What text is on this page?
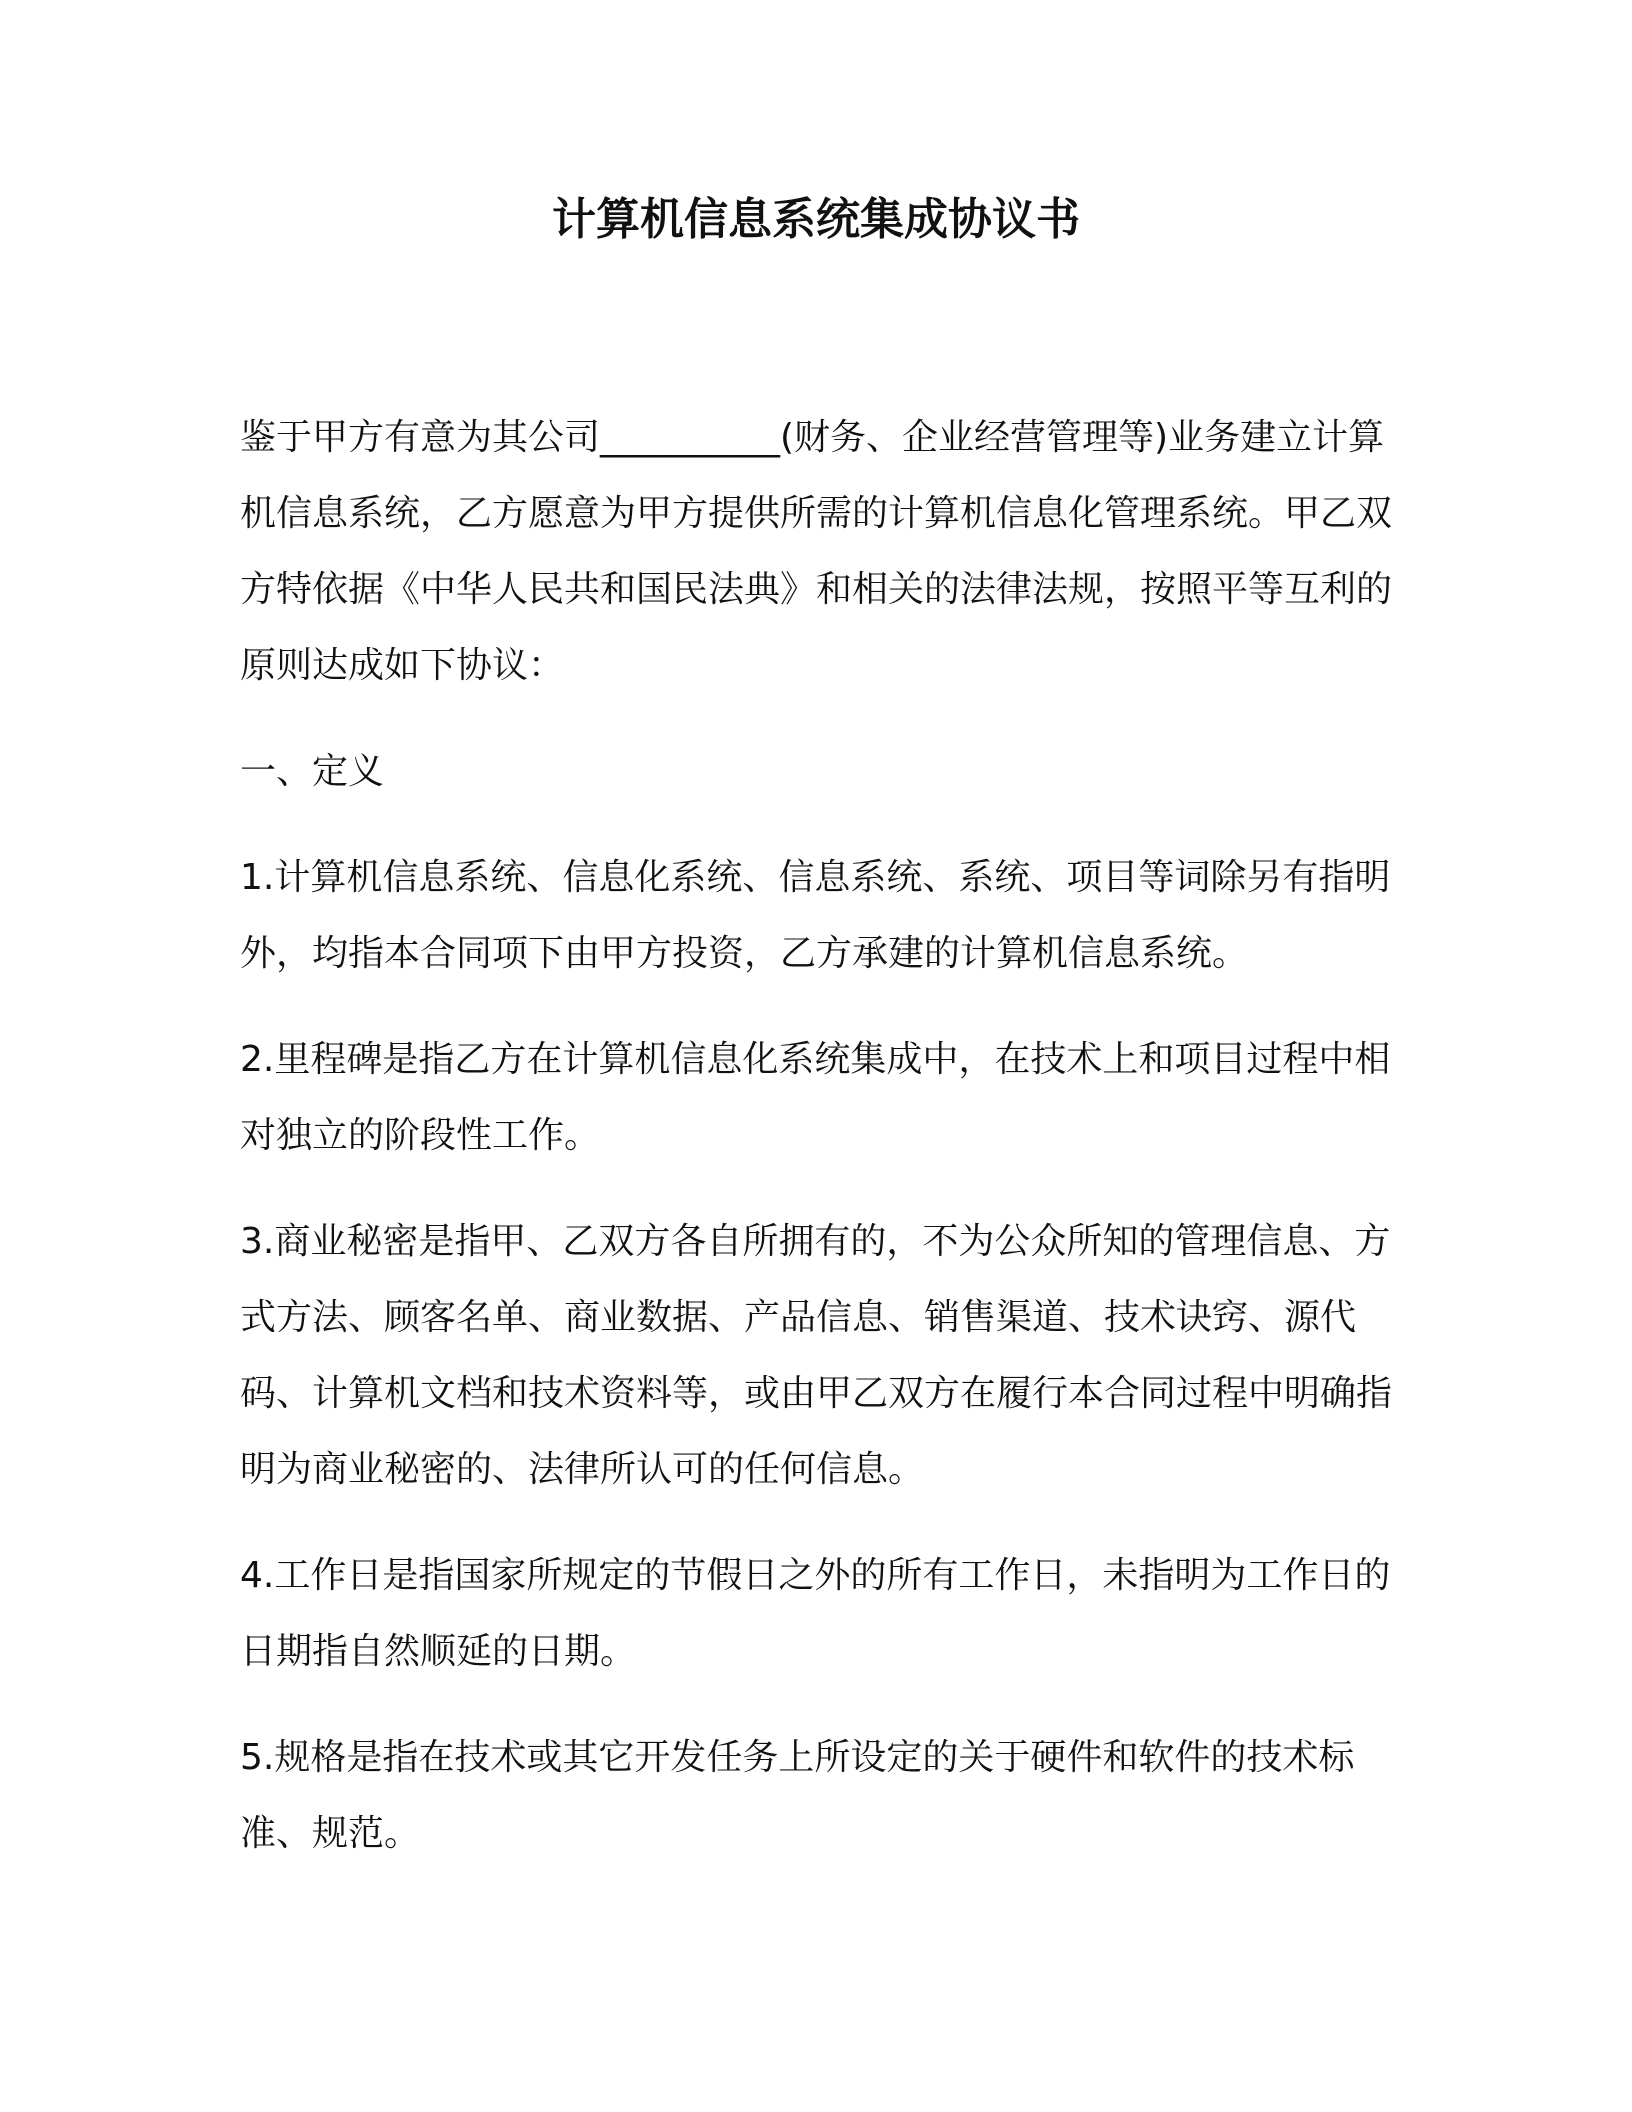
计算机信息系统集成协议书

鉴于甲方有意为其公司__________(财务、企业经营管理等)业务建立计算机信息系统，乙方愿意为甲方提供所需的计算机信息化管理系统。甲乙双方特依据《中华人民共和国民法典》和相关的法律法规，按照平等互利的原则达成如下协议：

一、定义

1.计算机信息系统、信息化系统、信息系统、系统、项目等词除另有指明外，均指本合同项下由甲方投资，乙方承建的计算机信息系统。

2.里程碑是指乙方在计算机信息化系统集成中，在技术上和项目过程中相对独立的阶段性工作。

3.商业秘密是指甲、乙双方各自所拥有的，不为公众所知的管理信息、方式方法、顾客名单、商业数据、产品信息、销售渠道、技术诀窍、源代码、计算机文档和技术资料等，或由甲乙双方在履行本合同过程中明确指明为商业秘密的、法律所认可的任何信息。

4.工作日是指国家所规定的节假日之外的所有工作日，未指明为工作日的日期指自然顺延的日期。

5.规格是指在技术或其它开发任务上所设定的关于硬件和软件的技术标准、规范。
